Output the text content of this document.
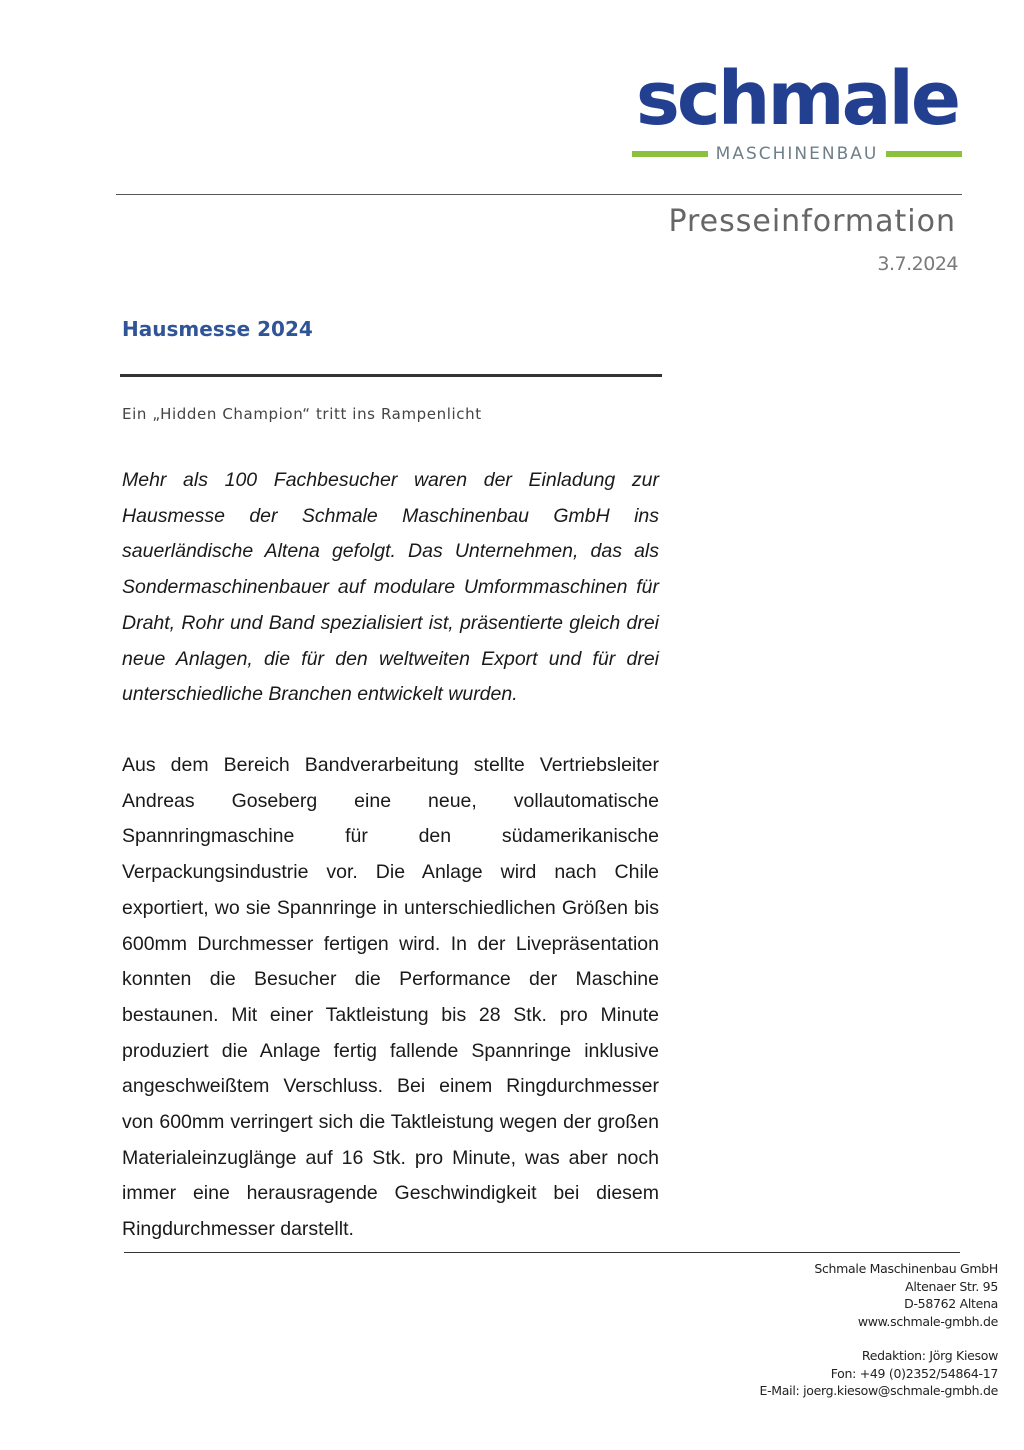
schmale
MASCHINENBAU
Presseinformation
3.7.2024
Hausmesse 2024
Ein „Hidden Champion“ tritt ins Rampenlicht
Mehr als 100 Fachbesucher waren der Einladung zur Hausmesse der Schmale Maschinenbau GmbH ins sauerländische Altena gefolgt. Das Unternehmen, das als Sondermaschinenbauer auf modulare Umformmaschinen für Draht, Rohr und Band spezialisiert ist, präsentierte gleich drei neue Anlagen, die für den weltweiten Export und für drei unterschiedliche Branchen entwickelt wurden.
Aus dem Bereich Bandverarbeitung stellte Vertriebsleiter Andreas Goseberg eine neue, vollautomatische Spannringmaschine für den südamerikanische Verpackungsindustrie vor. Die Anlage wird nach Chile exportiert, wo sie Spannringe in unterschiedlichen Größen bis 600mm Durchmesser fertigen wird. In der Livepräsentation konnten die Besucher die Performance der Maschine bestaunen. Mit einer Taktleistung bis 28 Stk. pro Minute produziert die Anlage fertig fallende Spannringe inklusive angeschweißtem Verschluss. Bei einem Ringdurchmesser von 600mm verringert sich die Taktleistung wegen der großen Materialeinzuglänge auf 16 Stk. pro Minute, was aber noch immer eine herausragende Geschwindigkeit bei diesem Ringdurchmesser darstellt.
Schmale Maschinenbau GmbH
Altenaer Str. 95
D-58762 Altena
www.schmale-gmbh.de
Redaktion: Jörg Kiesow
Fon: +49 (0)2352/54864-17
E-Mail: joerg.kiesow@schmale-gmbh.de
